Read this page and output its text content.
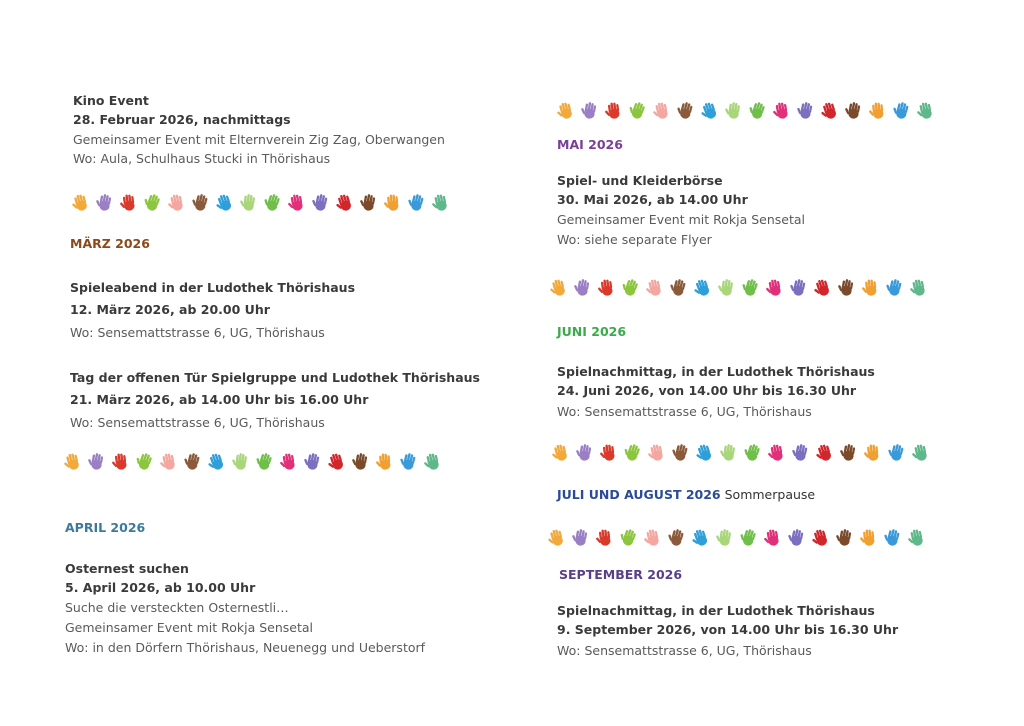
Kino Event
28. Februar 2026, nachmittags
Gemeinsamer Event mit Elternverein Zig Zag, Oberwangen
Wo: Aula, Schulhaus Stucki in Thörishaus
MÄRZ 2026
Spieleabend in der Ludothek Thörishaus
12. März 2026, ab 20.00 Uhr
Wo: Sensemattstrasse 6, UG, Thörishaus
Tag der offenen Tür Spielgruppe und Ludothek Thörishaus
21. März 2026, ab 14.00 Uhr bis 16.00 Uhr
Wo: Sensemattstrasse 6, UG, Thörishaus
APRIL 2026
Osternest suchen
5. April 2026, ab 10.00 Uhr
Suche die versteckten Osternestli…
Gemeinsamer Event mit Rokja Sensetal
Wo: in den Dörfern Thörishaus, Neuenegg und Ueberstorf
MAI 2026
Spiel- und Kleiderbörse
30. Mai 2026, ab 14.00 Uhr
Gemeinsamer Event mit Rokja Sensetal
Wo: siehe separate Flyer
JUNI 2026
Spielnachmittag, in der Ludothek Thörishaus
24. Juni 2026, von 14.00 Uhr bis 16.30 Uhr
Wo: Sensemattstrasse 6, UG, Thörishaus
JULI UND AUGUST 2026 Sommerpause
SEPTEMBER 2026
Spielnachmittag, in der Ludothek Thörishaus
9. September 2026, von 14.00 Uhr bis 16.30 Uhr
Wo: Sensemattstrasse 6, UG, Thörishaus
